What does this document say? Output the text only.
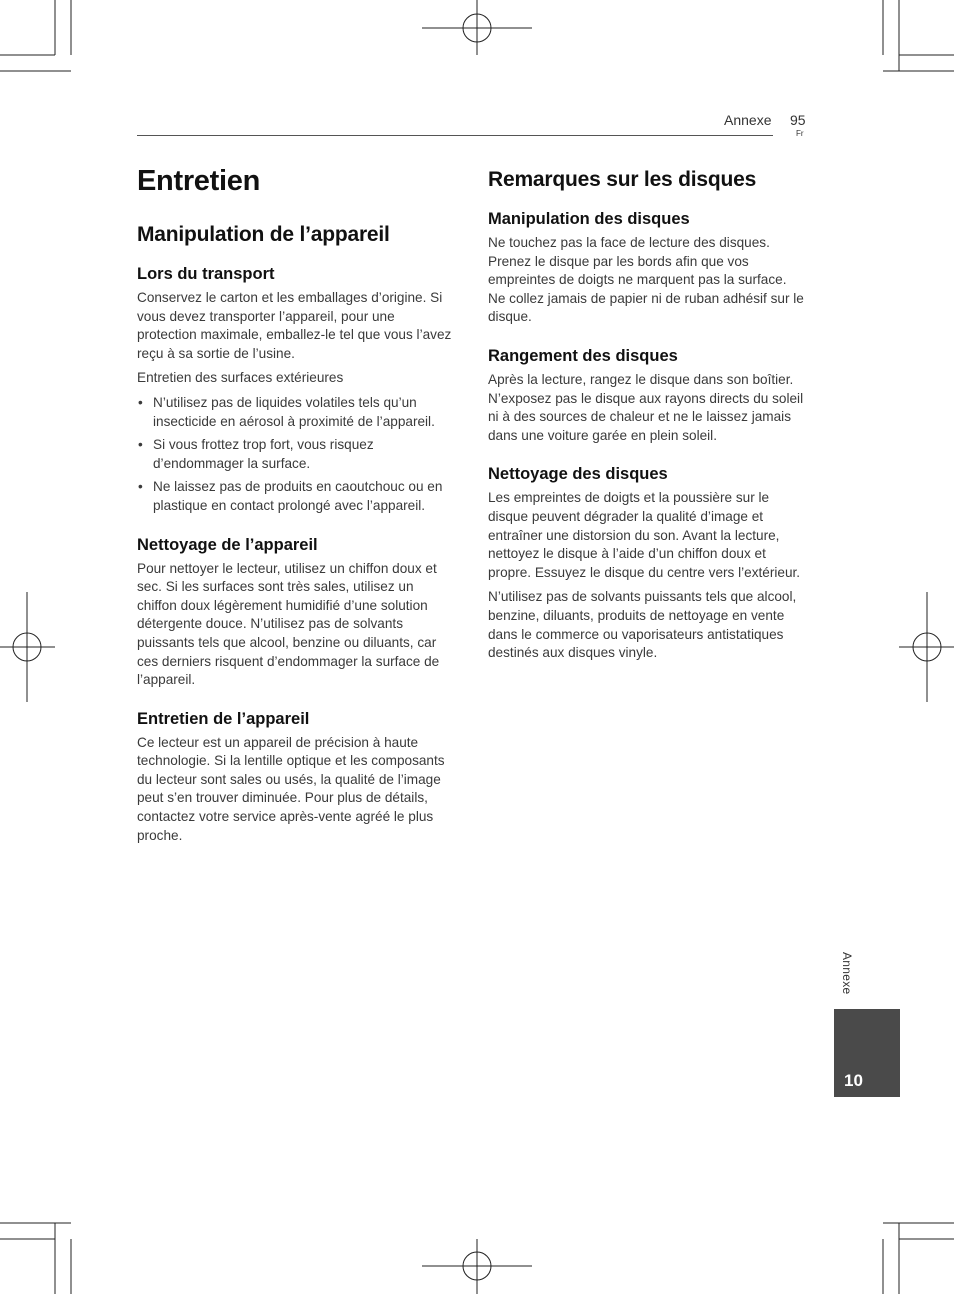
Annexe 95
Fr
Entretien
Manipulation de l’appareil
Lors du transport

Conservez le carton et les emballages d’origine. Si vous devez transporter l’appareil, pour une protection maximale, emballez-le tel que vous l’avez reçu à sa sortie de l’usine.

Entretien des surfaces extérieures

• N’utilisez pas de liquides volatiles tels qu’un insecticide en aérosol à proximité de l’appareil.
• Si vous frottez trop fort, vous risquez d’endommager la surface.
• Ne laissez pas de produits en caoutchouc ou en plastique en contact prolongé avec l’appareil.
Nettoyage de l’appareil

Pour nettoyer le lecteur, utilisez un chiffon doux et sec. Si les surfaces sont très sales, utilisez un chiffon doux légèrement humidifié d’une solution détergente douce. N’utilisez pas de solvants puissants tels que alcool, benzine ou diluants, car ces derniers risquent d’endommager la surface de l’appareil.

Entretien de l’appareil

Ce lecteur est un appareil de précision à haute technologie. Si la lentille optique et les composants du lecteur sont sales ou usés, la qualité de l’image peut s’en trouver diminuée. Pour plus de détails, contactez votre service après-vente agréé le plus proche.

Remarques sur les disques
Manipulation des disques

Ne touchez pas la face de lecture des disques. Prenez le disque par les bords afin que vos empreintes de doigts ne marquent pas la surface. Ne collez jamais de papier ni de ruban adhésif sur le disque.

Rangement des disques

Après la lecture, rangez le disque dans son boîtier. N’exposez pas le disque aux rayons directs du soleil ni à des sources de chaleur et ne le laissez jamais dans une voiture garée en plein soleil.

Nettoyage des disques

Les empreintes de doigts et la poussière sur le disque peuvent dégrader la qualité d’image et entraîner une distorsion du son. Avant la lecture, nettoyez le disque à l’aide d’un chiffon doux et propre. Essuyez le disque du centre vers l’extérieur.

N’utilisez pas de solvants puissants tels que alcool, benzine, diluants, produits de nettoyage en vente dans le commerce ou vaporisateurs antistatiques destinés aux disques vinyle.

Annexe
10
